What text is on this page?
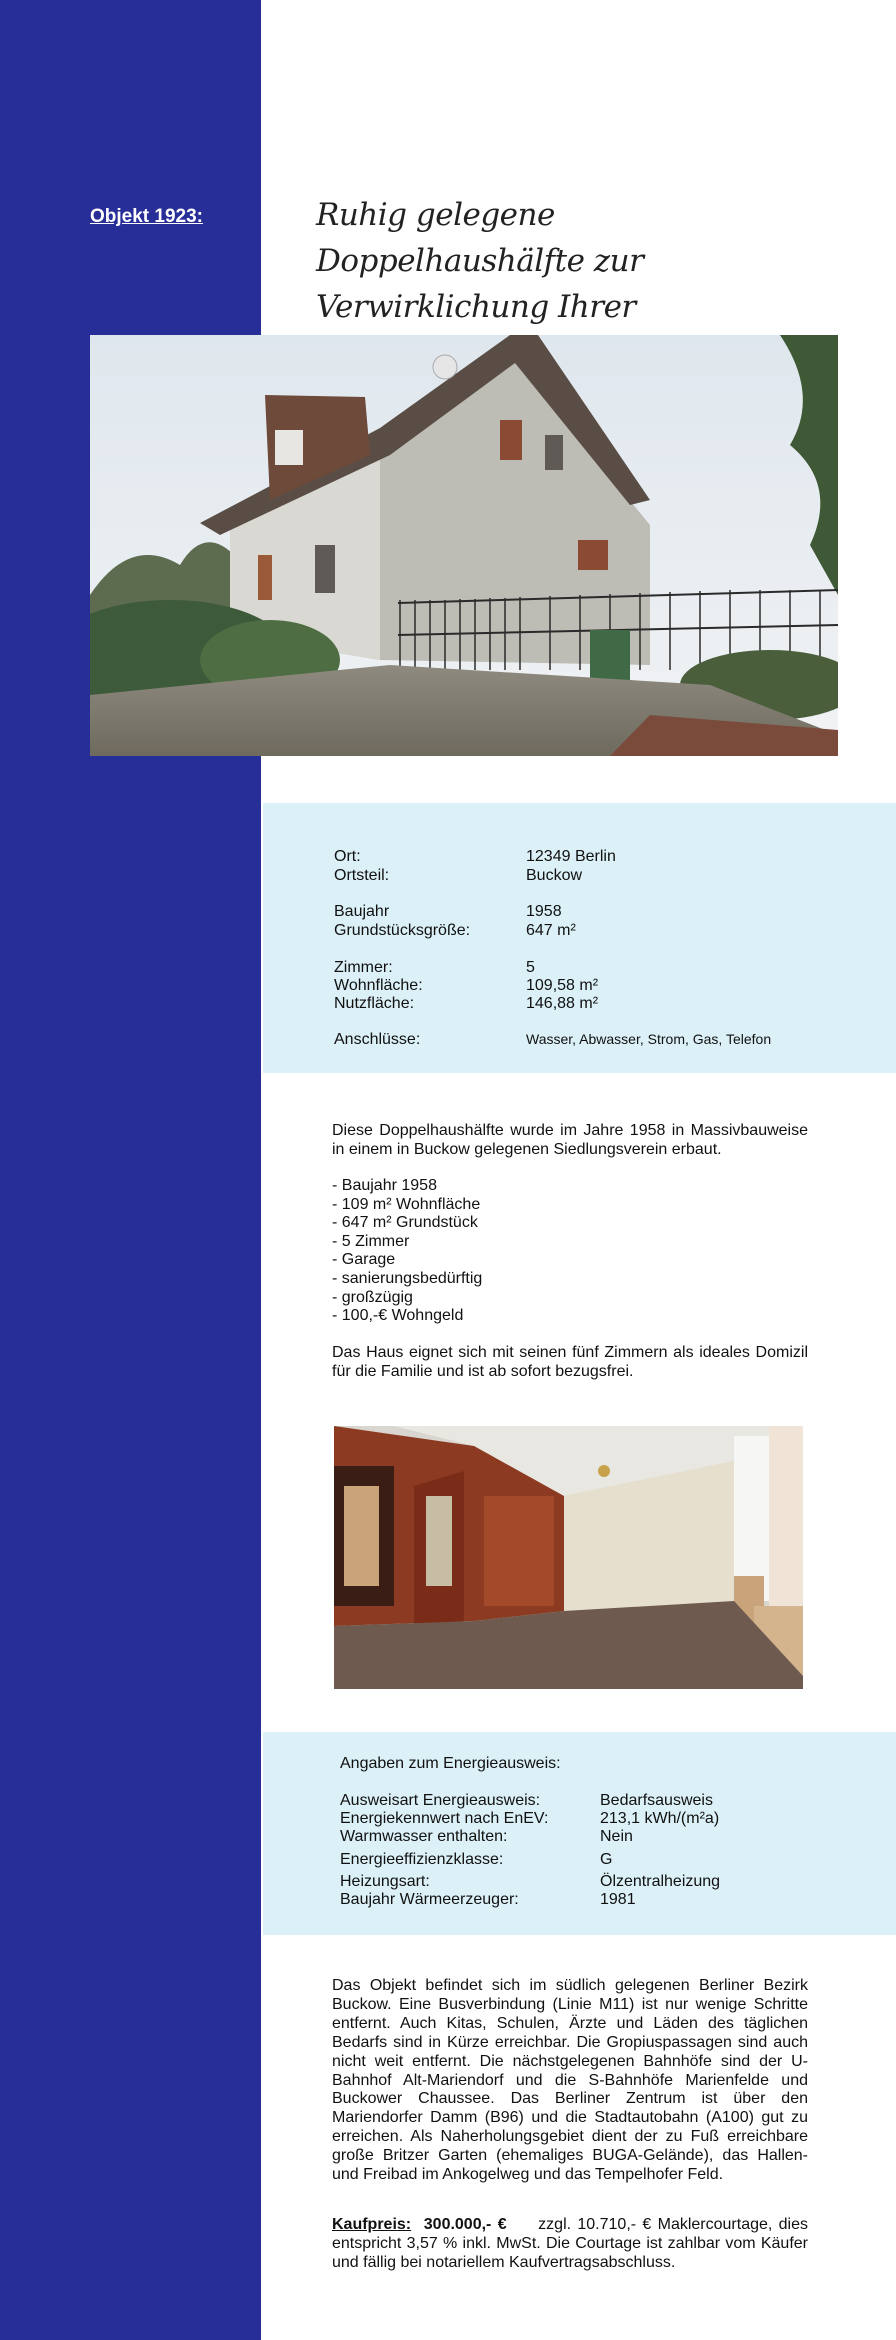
Objekt 1923:	Ruhig gelegene Doppelhaushälfte zur
Verwirklichung Ihrer
Ort:	12349 Berlin
Ortsteil:	Buckow
Baujahr	1958
Grundstücksgröße:	647 m²
Zimmer:	5
Wohnfläche:	109,58 m²
Nutzfläche:	146,88 m²
Anschlüsse:	Wasser, Abwasser, Strom, Gas, Telefon
Diese Doppelhaushälfte wurde im Jahre 1958 in Massivbauweise in einem in Buckow gelegenen Siedlungsverein erbaut.
- Baujahr 1958
- 109 m² Wohnfläche
- 647 m² Grundstück
- 5 Zimmer
- Garage
- sanierungsbedürftig
- großzügig
- 100,-€ Wohngeld
Das Haus eignet sich mit seinen fünf Zimmern als ideales Domizil für die Familie und ist ab sofort bezugsfrei.
Angaben zum Energieausweis:
Ausweisart Energieausweis:	Bedarfsausweis
Energiekennwert nach EnEV:	213,1 kWh/(m²a)
Warmwasser enthalten:	Nein
Energieeffizienzklasse:	G
Heizungsart:	Ölzentralheizung
Baujahr Wärmeerzeuger:	1981
Das Objekt befindet sich im südlich gelegenen Berliner Bezirk Buckow. Eine Busverbindung (Linie M11) ist nur wenige Schritte entfernt. Auch Kitas, Schulen, Ärzte und Läden des täglichen Bedarfs sind in Kürze erreichbar. Die Gropiuspassagen sind auch nicht weit entfernt. Die nächstgelegenen Bahnhöfe sind der U-Bahnhof Alt-Mariendorf und die S-Bahnhöfe Marienfelde und Buckower Chaussee. Das Berliner Zentrum ist über den Mariendorfer Damm (B96) und die Stadtautobahn (A100) gut zu erreichen. Als Naherholungsgebiet dient der zu Fuß erreichbare große Britzer Garten (ehemaliges BUGA-Gelände), das Hallen- und Freibad im Ankogelweg und das Tempelhofer Feld.
Kaufpreis: 300.000,- € zzgl. 10.710,- € Maklercourtage, dies entspricht 3,57 % inkl. MwSt. Die Courtage ist zahlbar vom Käufer und fällig bei notariellem Kaufvertragsabschluss.
